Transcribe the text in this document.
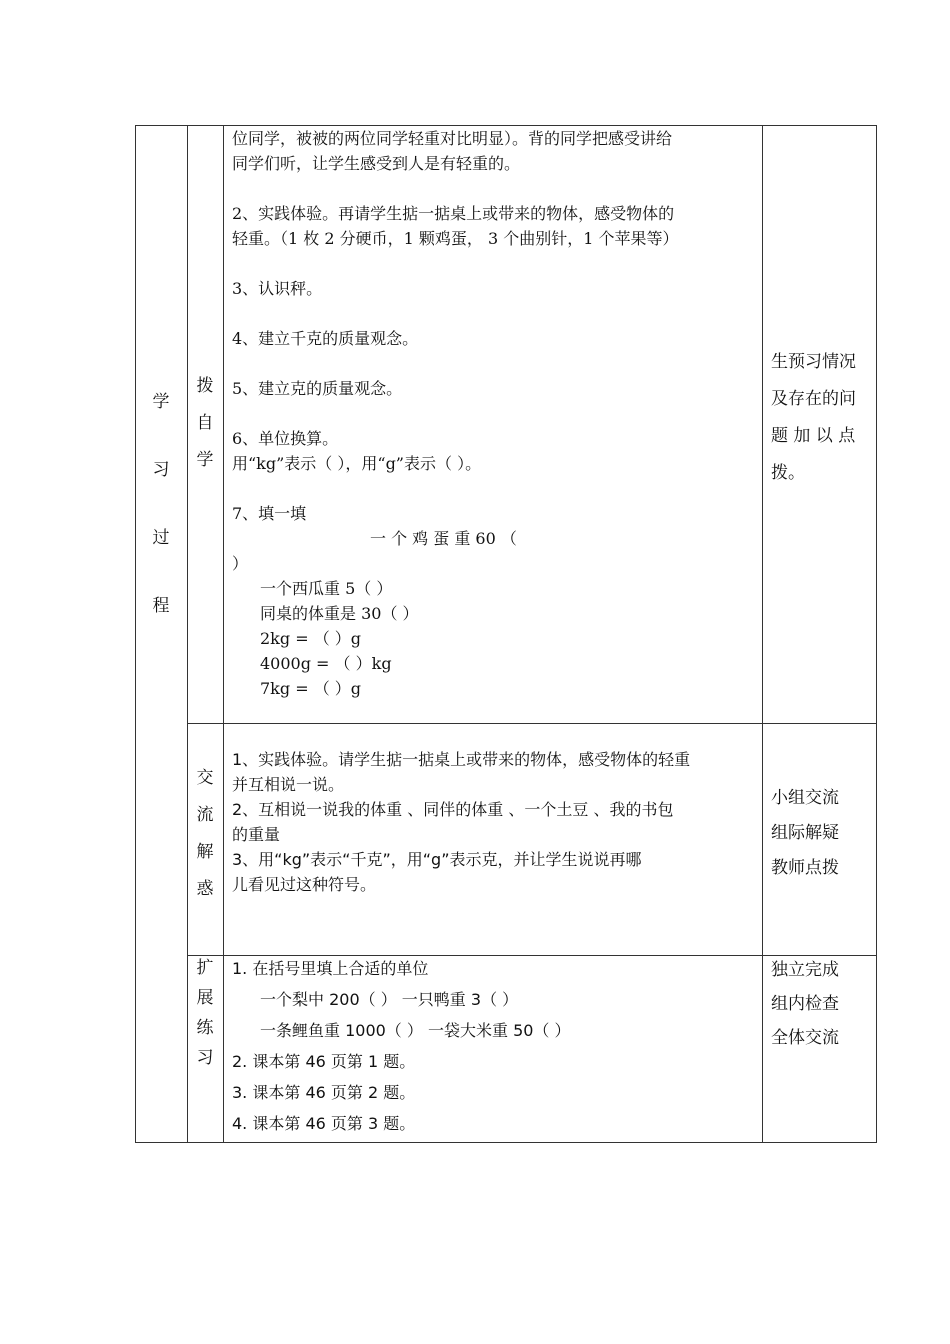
学
习
过
程
拨
自
学
位同学，被被的两位同学轻重对比明显）。背的同学把感受讲给
同学们听，让学生感受到人是有轻重的。
2、实践体验。再请学生掂一掂桌上或带来的物体，感受物体的
轻重。（1 枚 2 分硬币，1 颗鸡蛋， 3 个曲别针，1 个苹果等）
3、认识秤。
4、建立千克的质量观念。
5、建立克的质量观念。
6、单位换算。
用“kg”表示（ ），用“g”表示（ ）。
7、填一填
一 个 鸡 蛋 重 60 （
）
一个西瓜重 5（ ）
同桌的体重是 30（ ）
2kg = （ ）g
4000g = （ ）kg
7kg = （ ）g
生预习情况
及存在的问
题 加 以 点
拨。
交
流
解
惑
1、实践体验。请学生掂一掂桌上或带来的物体，感受物体的轻重
并互相说一说。
2、互相说一说我的体重 、同伴的体重 、一个土豆 、我的书包
的重量
3、用“kg”表示“千克”，用“g”表示克，并让学生说说再哪
儿看见过这种符号。
小组交流
组际解疑
教师点拨
扩
展
练
习
1. 在括号里填上合适的单位
一个梨中 200（ ） 一只鸭重 3（ ）
一条鲤鱼重 1000（ ） 一袋大米重 50（ ）
2. 课本第 46 页第 1 题。
3. 课本第 46 页第 2 题。
4. 课本第 46 页第 3 题。
独立完成
组内检查
全体交流
